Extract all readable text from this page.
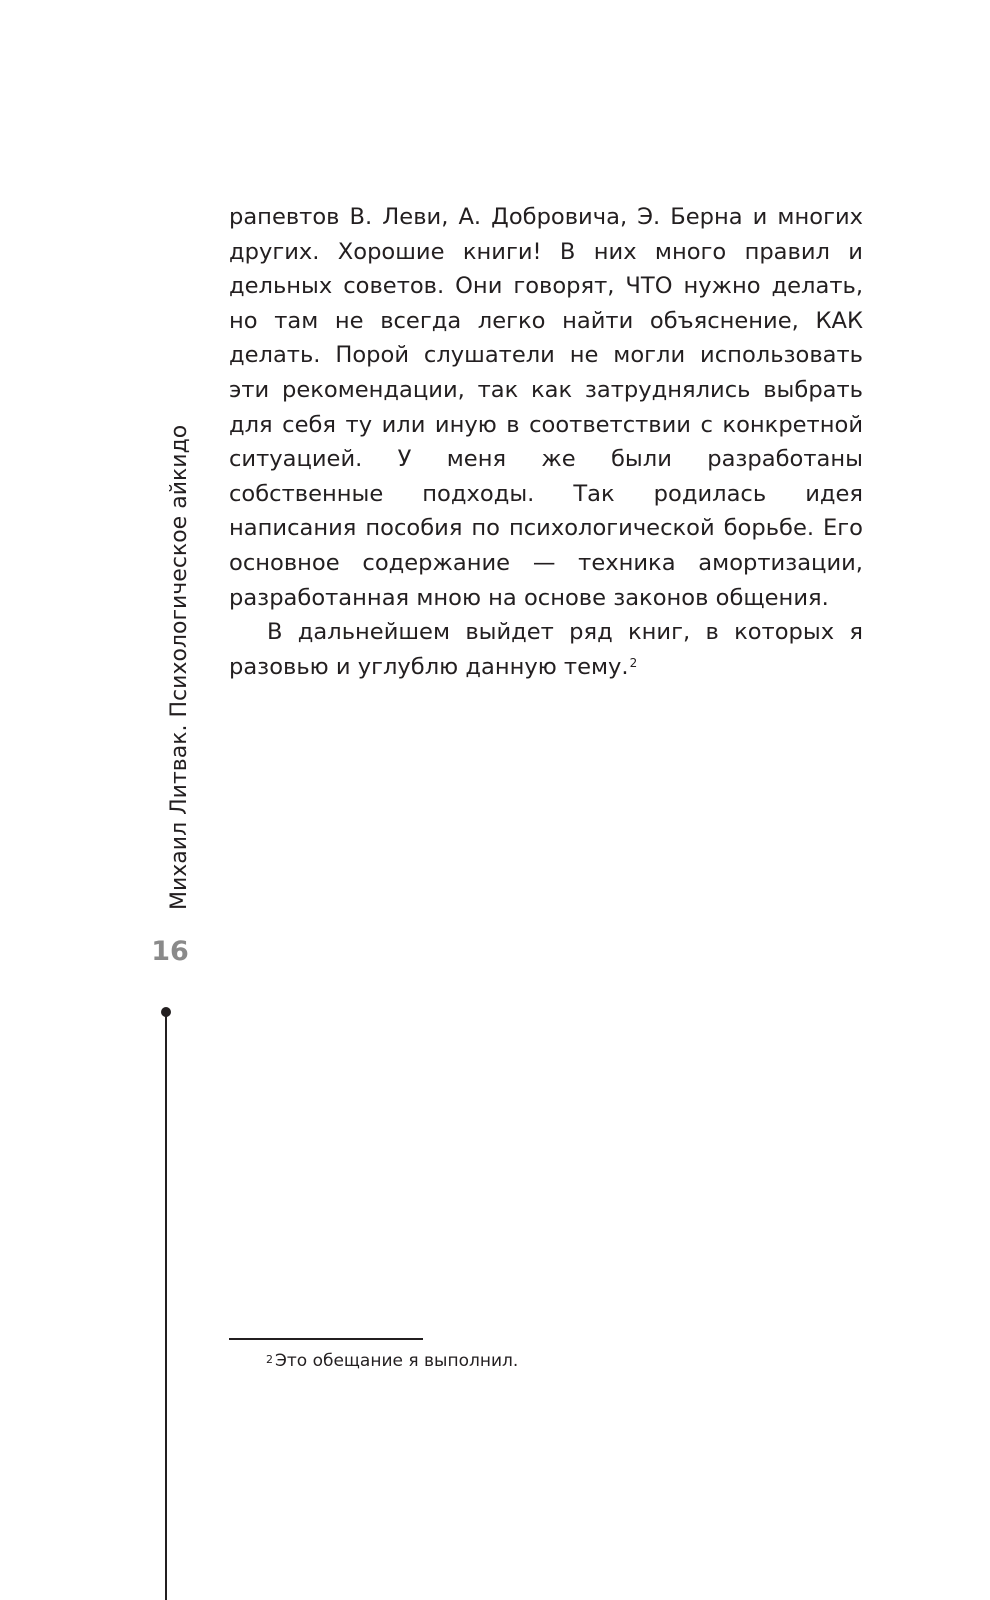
Михаил Литвак. Психологическое айкидо
16

рапевтов В. Леви, А. Добровича, Э. Берна и многих других. Хорошие книги! В них много правил и дельных советов. Они говорят, ЧТО нужно делать, но там не всегда легко найти объяснение, КАК делать. Порой слушатели не могли использовать эти рекомендации, так как затруднялись выбрать для себя ту или иную в соответствии с конкретной ситуацией. У меня же были разработаны собственные подходы. Так родилась идея написания пособия по психологической борьбе. Его основное содержание — техника амортизации, разработанная мною на основе законов общения.

В дальнейшем выйдет ряд книг, в которых я разовью и углублю данную тему.$^2$

$^2$ Это обещание я выполнил.
